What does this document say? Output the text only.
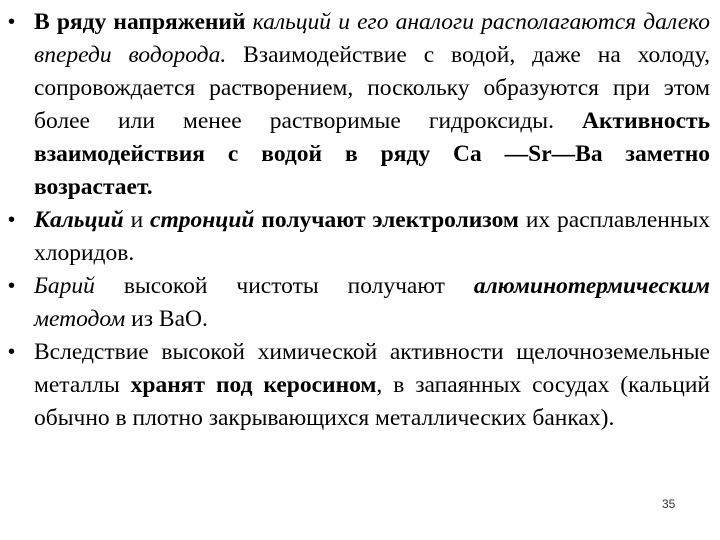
• В ряду напряжений кальций и его аналоги располагаются далеко впереди водорода. Взаимодействие с водой, даже на холоду, сопровождается растворением, поскольку образуются при этом более или менее растворимые гидроксиды. Активность взаимодействия с водой в ряду Са —Sr—Ва заметно возрастает.
• Кальций и стронций получают электролизом их расплавленных хлоридов.
• Барий высокой чистоты получают алюминотермическим методом из ВаО.
• Вследствие высокой химической активности щелочноземельные металлы хранят под керосином, в запаянных сосудах (кальций обычно в плотно закрывающихся металлических банках).
35
